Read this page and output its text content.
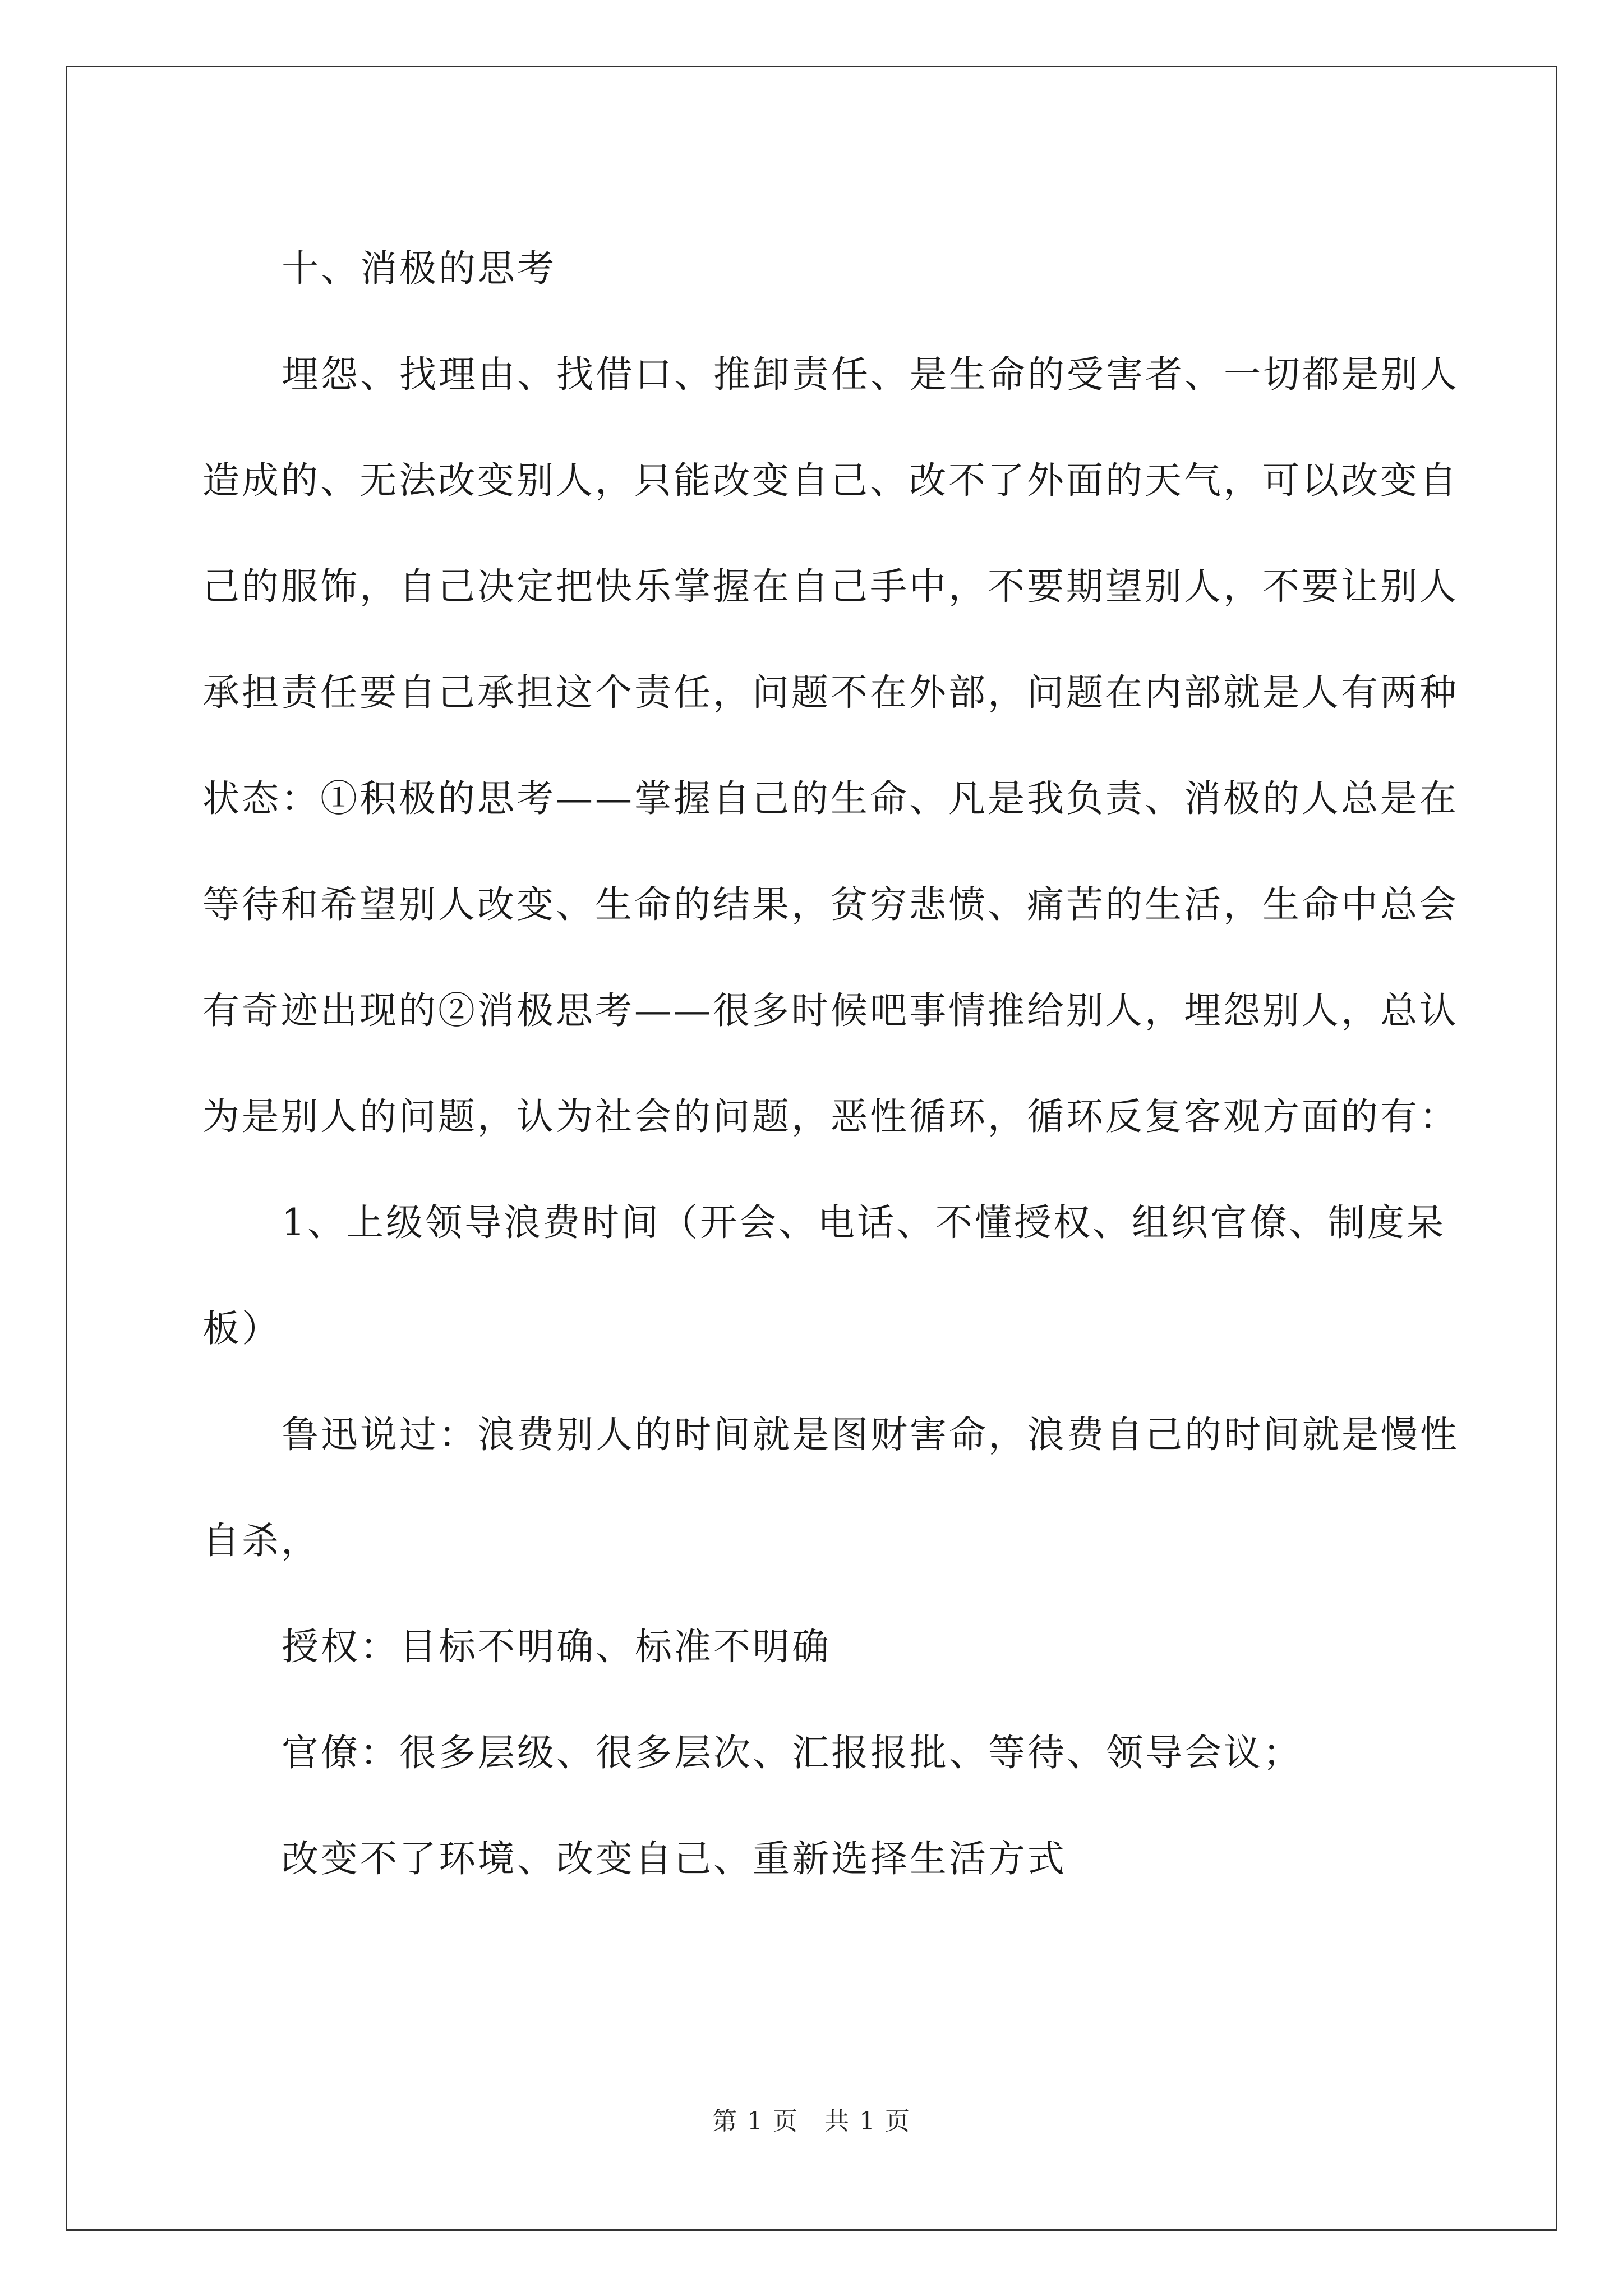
十、消极的思考

埋怨、找理由、找借口、推卸责任、是生命的受害者、一切都是别人造成的、无法改变别人，只能改变自己、改不了外面的天气，可以改变自己的服饰，自己决定把快乐掌握在自己手中，不要期望别人，不要让别人承担责任要自己承担这个责任，问题不在外部，问题在内部就是人有两种状态：①积极的思考——掌握自己的生命、凡是我负责、消极的人总是在等待和希望别人改变、生命的结果，贫穷悲愤、痛苦的生活，生命中总会有奇迹出现的②消极思考——很多时候吧事情推给别人，埋怨别人，总认为是别人的问题，认为社会的问题，恶性循环，循环反复客观方面的有：

1、上级领导浪费时间（开会、电话、不懂授权、组织官僚、制度呆板）

鲁迅说过：浪费别人的时间就是图财害命，浪费自己的时间就是慢性自杀，

授权：目标不明确、标准不明确

官僚：很多层级、很多层次、汇报报批、等待、领导会议；

改变不了环境、改变自己、重新选择生活方式

第 1 页　共 1 页
